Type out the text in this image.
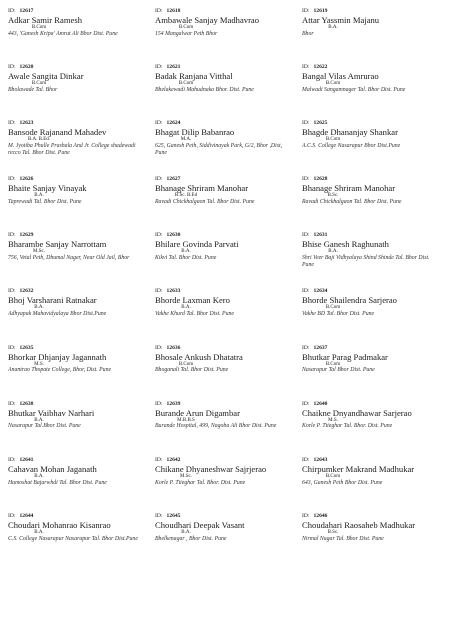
ID: 12617
Adkar Samir Ramesh
B.Com
443, 'Ganesh Kripa' Amrut Ali Bhor Dist. Pune
ID: 12618
Ambawale Sanjay Madhavrao
B.Com
154 Mangalwar Peth Bhor
ID: 12619
Attar Yassmin Majanu
B.A.
Bhor
ID: 12620
Awale Sangita Dinkar
B.Com
Bholawade Tal. Bhor
ID: 12621
Badak Ranjana Vitthal
B.Com
Bhelakewadi Mahudnaka Bhor. Dist. Pune
ID: 12622
Bangal Vilas Amrurao
B.Com
Malwadi Sangamnager Tal. Bhor Dist. Pune
ID: 12623
Bansode Rajanand Mahadev
B.A. B.Ed.
M. Jyotiba Phulle Prashala And Jr. College shadewadi recco Tal. Bhor Dist. Pune
ID: 12624
Bhagat Dilip Babanrao
M.A.
625, Ganesh Peth, Siddivinayak Park, G/2, Bhor ,Dist, Pune
ID: 12625
Bhagde Dhananjay Shankar
B.Com
A.C.S. College Nasarapur Bhor Dist.Pune
ID: 12626
Bhaite Sanjay Vinayak
B.A.
Taprewadi Tal. Bhor Dist. Pune
ID: 12627
Bhanage Shriram Manohar
B.Sc. B.Ed
Ravadi Chickhalgaon Tal. Bhor Dist. Pune
ID: 12628
Bhanage Shriram Manohar
B.Sc.
Ravadi Chickhalgaon Tal. Bhor Dist. Pune
ID: 12629
Bharambe Sanjay Narrottam
M.Sc.
756, Vetal Peth, Dhumal Nager, Near Old Jail, Bhor
ID: 12630
Bhilare Govinda Parvati
B.A.
Kikvi Tal. Bhor Dist. Pune
ID: 12631
Bhise Ganesh Raghunath
B.A.
Shri Veer Baji Vidhyalaya Shind Shinde Tal. Bhor Dist. Pune
ID: 12632
Bhoj Varsharani Ratnakar
B.A.
Adhyapak Mahavidyalaya Bhor Dist.Pune
ID: 12633
Bhorde Laxman Kero
B.A.
Vakhe Khurd Tal. Bhor Dist. Pune
ID: 12634
Bhorde Shailendra Sarjerao
B.Com
Vakhe BD Tal. Bhor Dist. Pune
ID: 12635
Bhorkar Dhjanjay Jagannath
M.S.
Anantrao Thopate College, Bhor, Dist. Pune
ID: 12636
Bhosale Ankush Dhatatra
B.Com
Bhoganali Tal. Bhor Dist. Pune
ID: 12637
Bhutkar Parag Padmakar
B.Com
Nasarapur Tal Bhor Dist. Pune
ID: 12638
Bhutkar Vaibhav Narhari
B.A.
Nasarapur Tal.Bhor Dist. Pune
ID: 12639
Burande Arun Digambar
M.B.B.S
Burande Hospital, 499, Nagoba Ali Bhor Dist. Pune
ID: 12640
Chaikne Dnyandhawar Sarjerao
M.S.
Korle P. Ttieghar Tal. Bhor. Dist. Pune
ID: 12641
Cahavan Mohan Jaganath
B.A.
Hamoshat Bajarwhdi Tal. Bhor Dist. Pune
ID: 12642
Chikane Dhyaneshwar Sajrjerao
M.Sc.
Korle P. Ttieghar Tal. Bhor. Dist. Pune
ID: 12643
Chirpumker Makrand Madhukar
B.Com
643, Ganesh Peth Bhor Dist. Pune
ID: 12644
Choudari Mohanrao Kisanrao
B.A.
C.S. College Nasarapur Nasarapur Tal. Bhor Dist.Pune
ID: 12645
Choudhari Deepak Vasant
B.A.
Bhelkenagar , Bhor Dist. Pune
ID: 12646
Choudahari Raosaheb Madhukar
B.Sc.
Nirmal Nagar Tal. Bhor Dist. Pune
